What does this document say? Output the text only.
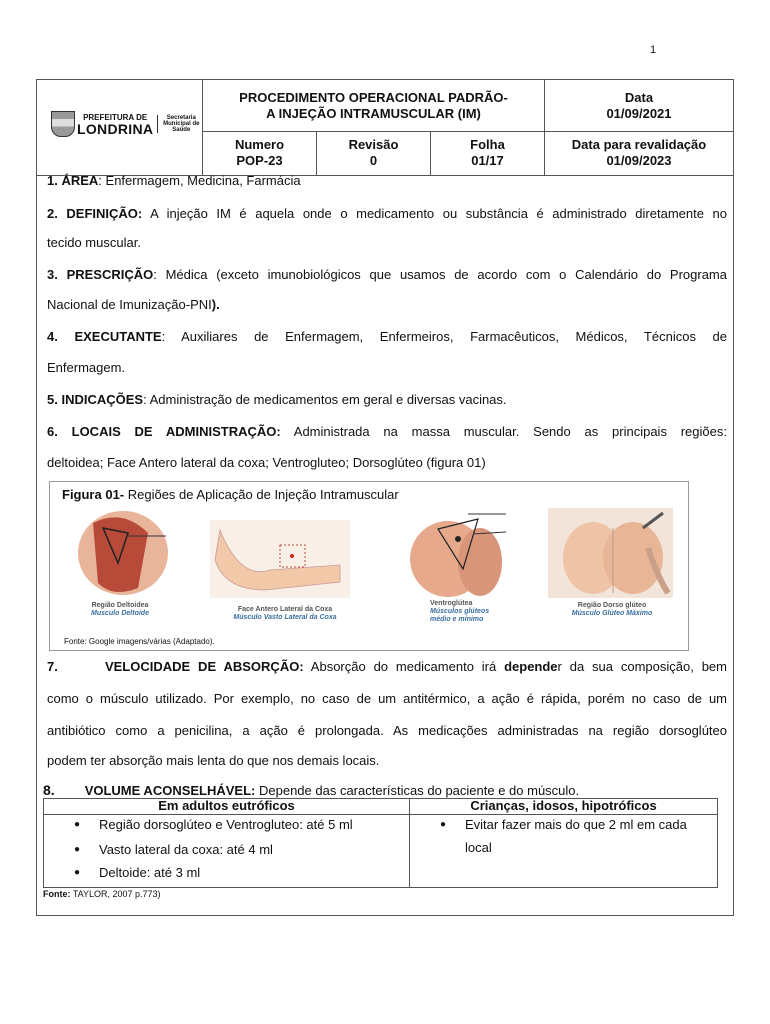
1
PREFEITURA DE
LONDRINA
Secretaria Municipal de Saúde
PROCEDIMENTO OPERACIONAL PADRÃO-
A INJEÇÃO INTRAMUSCULAR (IM)
Data
01/09/2021
Numero
POP-23
Revisão
0
Folha
01/17
Data para revalidação
01/09/2023
1. ÁREA: Enfermagem, Medicina, Farmácia
2. DEFINIÇÃO: A injeção IM é aquela onde o medicamento ou substância é administrado diretamente no
tecido muscular.
3. PRESCRIÇÃO: Médica (exceto imunobiológicos que usamos de acordo com o Calendário do Programa
Nacional de Imunização-PNI).
4. EXECUTANTE: Auxiliares de Enfermagem, Enfermeiros, Farmacêuticos, Médicos, Técnicos de
Enfermagem.
5. INDICAÇÕES: Administração de medicamentos em geral e diversas vacinas.
6. LOCAIS DE ADMINISTRAÇÃO: Administrada na massa muscular. Sendo as principais regiões:
deltoidea; Face Antero lateral da coxa; Ventrogluteo; Dorsoglúteo (figura 01)
Figura 01- Regiões de Aplicação de Injeção Intramuscular
Região Deltoidea
Musculo Deltoide
Face Antero Lateral da Coxa
Músculo Vasto Lateral da Coxa
Ventroglútea
Músculos glúteos médio e mínimo
Região Dorso glúteo
Músculo Glúteo Máximo
Fonte: Google imagens/várias (Adaptado).
7.      VELOCIDADE DE ABSORÇÃO: Absorção do medicamento irá depender da sua composição, bem
como o músculo utilizado. Por exemplo, no caso de um antitérmico, a ação é rápida, porém no caso de um
antibiótico como a penicilina, a ação é prolongada. As medicações administradas na região dorsoglúteo
podem ter absorção mais lenta do que nos demais locais.
8. VOLUME ACONSELHÁVEL: Depende das características do paciente e do músculo.
Em adultos eutróficos
● Região dorsoglúteo e Ventrogluteo: até 5 ml
● Vasto lateral da coxa: até 4 ml
● Deltoide: até 3 ml
Crianças, idosos, hipotróficos
● Evitar fazer mais do que 2 ml em cada
local
Fonte: TAYLOR, 2007 p.773)
